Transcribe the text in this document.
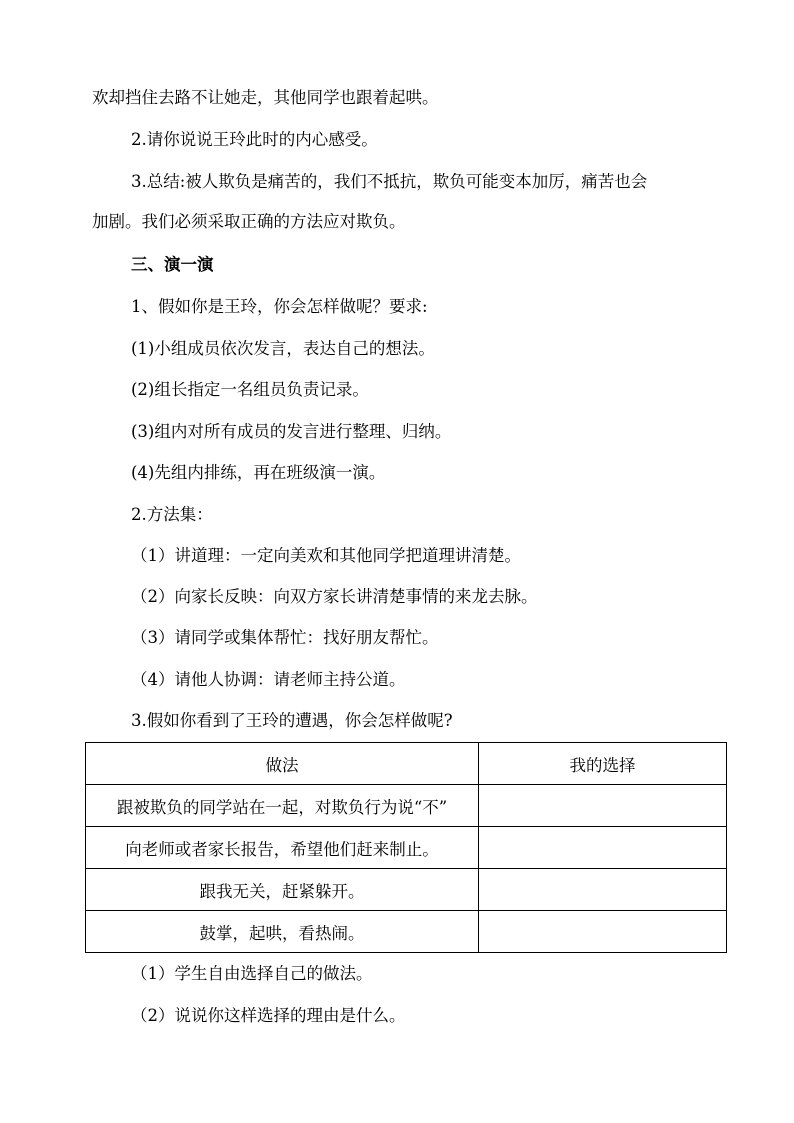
欢却挡住去路不让她走，其他同学也跟着起哄。
2.请你说说王玲此时的内心感受。
3.总结:被人欺负是痛苦的，我们不抵抗，欺负可能变本加厉，痛苦也会
加剧。我们必须采取正确的方法应对欺负。
三、演一演
1、假如你是王玲，你会怎样做呢？要求:
(1)小组成员依次发言，表达自己的想法。
(2)组长指定一名组员负责记录。
(3)组内对所有成员的发言进行整理、归纳。
(4)先组内排练，再在班级演一演。
2.方法集：
（1）讲道理：一定向美欢和其他同学把道理讲清楚。
（2）向家长反映：向双方家长讲清楚事情的来龙去脉。
（3）请同学或集体帮忙：找好朋友帮忙。
（4）请他人协调：请老师主持公道。
3.假如你看到了王玲的遭遇，你会怎样做呢?
做法	我的选择
跟被欺负的同学站在一起，对欺负行为说“不”	
向老师或者家长报告，希望他们赶来制止。	
跟我无关，赶紧躲开。	
鼓掌，起哄，看热闹。	
（1）学生自由选择自己的做法。
（2）说说你这样选择的理由是什么。
